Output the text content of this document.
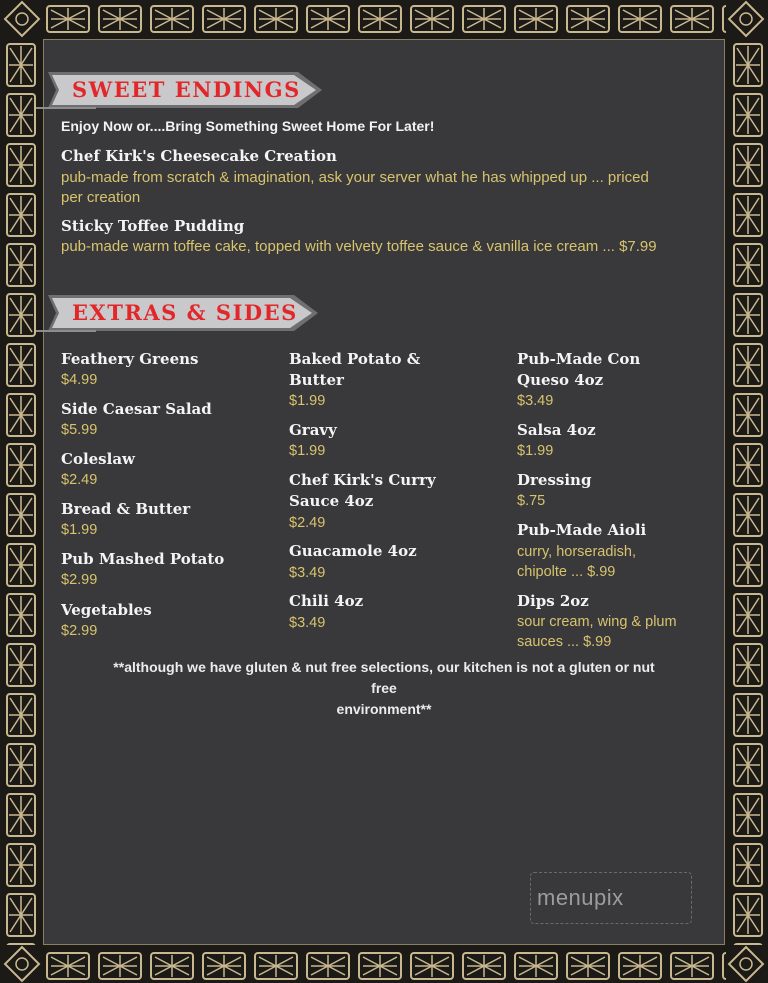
SWEET ENDINGS
Enjoy Now or....Bring Something Sweet Home For Later!
Chef Kirk's Cheesecake Creation
pub-made from scratch & imagination, ask your server what he has whipped up ... priced
per creation
Sticky Toffee Pudding
pub-made warm toffee cake, topped with velvety toffee sauce & vanilla ice cream ... $7.99
EXTRAS & SIDES
Feathery Greens
$4.99
Side Caesar Salad
$5.99
Coleslaw
$2.49
Bread & Butter
$1.99
Pub Mashed Potato
$2.99
Vegetables
$2.99
Baked Potato &
Butter
$1.99
Gravy
$1.99
Chef Kirk's Curry
Sauce 4oz
$2.49
Guacamole 4oz
$3.49
Chili 4oz
$3.49
Pub-Made Con
Queso 4oz
$3.49
Salsa 4oz
$1.99
Dressing
$.75
Pub-Made Aioli
curry, horseradish,
chipolte ... $.99
Dips 2oz
sour cream, wing & plum
sauces ... $.99
**although we have gluten & nut free selections, our kitchen is not a gluten or nut free
environment**
menupix
